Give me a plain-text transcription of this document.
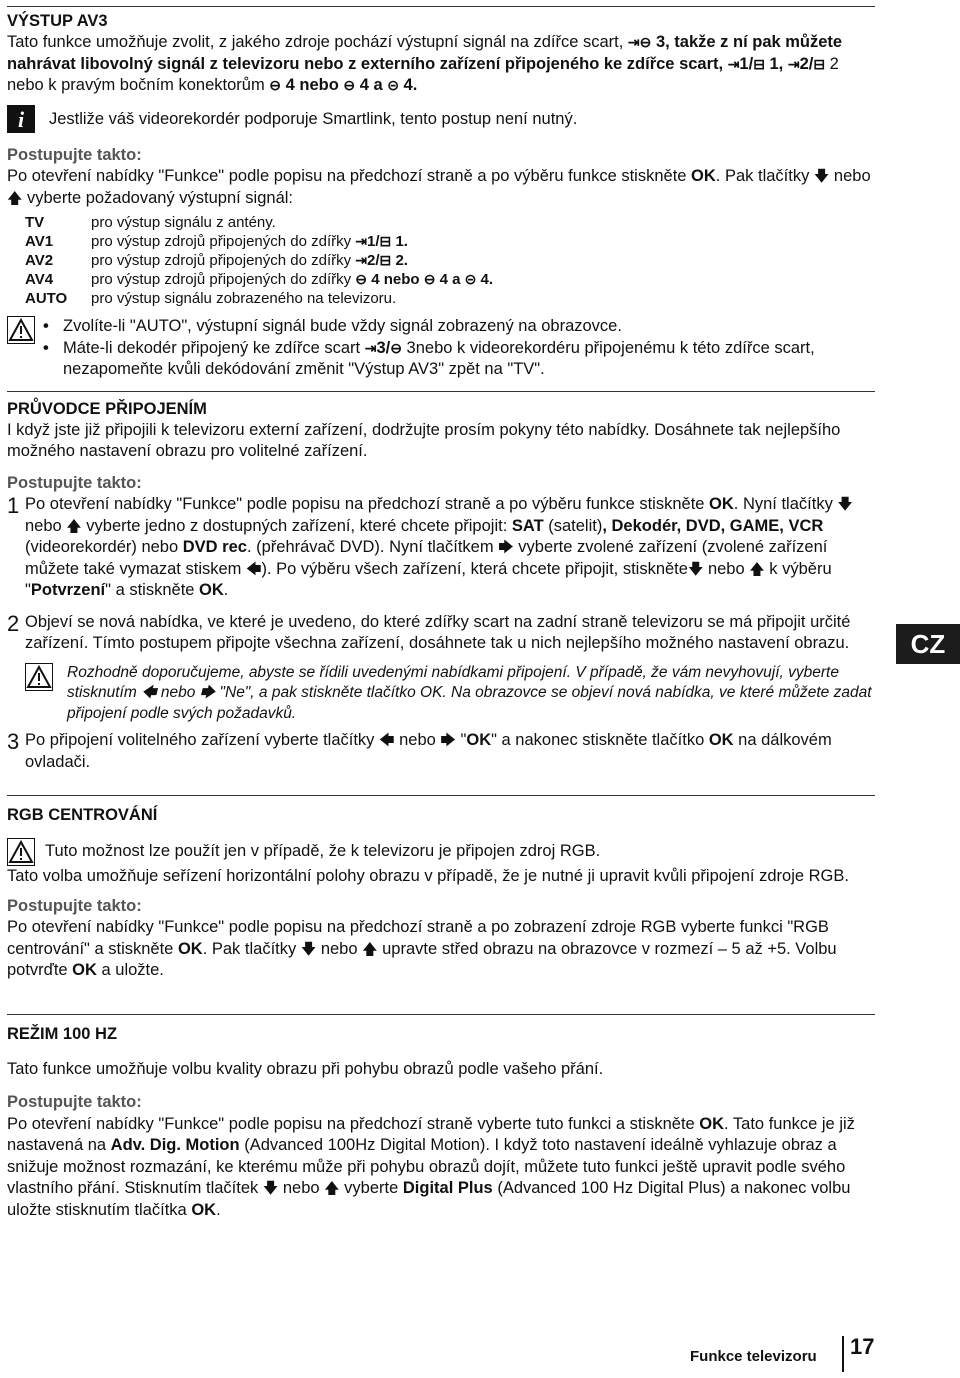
VÝSTUP AV3

Tato funkce umožňuje zvolit, z jakého zdroje pochází výstupní signál na zdířce scart, ⇥⊖ 3, takže z ní pak můžete nahrávat libovolný signál z televizoru nebo z externího zařízení připojeného ke zdířce scart, ⇥1/⊟ 1, ⇥2/⊟ 2 nebo k pravým bočním konektorům ⊖ 4 nebo ⊖ 4 a ⊝ 4.

i Jestliže váš videorekordér podporuje Smartlink, tento postup není nutný.

Postupujte takto:

Po otevření nabídky "Funkce" podle popisu na předchozí straně a po výběru funkce stiskněte OK. Pak tlačítky 🡇 nebo 🡅 vyberte požadovaný výstupní signál:

TV	pro výstup signálu z antény.
AV1	pro výstup zdrojů připojených do zdířky ⇥1/⊟ 1.
AV2	pro výstup zdrojů připojených do zdířky ⇥2/⊟ 2.
AV4	pro výstup zdrojů připojených do zdířky ⊖ 4 nebo ⊖ 4 a ⊝ 4.
AUTO	pro výstup signálu zobrazeného na televizoru.
• Zvolíte-li "AUTO", výstupní signál bude vždy signál zobrazený na obrazovce.
• Máte-li dekodér připojený ke zdířce scart ⇥3/⊖ 3nebo k videorekordéru připojenému k této zdířce scart, nezapomeňte kvůli dekódování změnit "Výstup AV3" zpět na "TV".
PRŮVODCE PŘIPOJENÍM

I když jste již připojili k televizoru externí zařízení, dodržujte prosím pokyny této nabídky. Dosáhnete tak nejlepšího možného nastavení obrazu pro volitelné zařízení.

Postupujte takto:

1 Po otevření nabídky "Funkce" podle popisu na předchozí straně a po výběru funkce stiskněte OK. Nyní tlačítky 🡇 nebo 🡅 vyberte jedno z dostupných zařízení, které chcete připojit: SAT (satelit), Dekodér, DVD, GAME, VCR (videorekordér) nebo DVD rec. (přehrávač DVD). Nyní tlačítkem 🡆 vyberte zvolené zařízení (zvolené zařízení můžete také vymazat stiskem 🡄). Po výběru všech zařízení, která chcete připojit, stiskněte🡇 nebo 🡅 k výběru "Potvrzení" a stiskněte OK.

2 Objeví se nová nabídka, ve které je uvedeno, do které zdířky scart na zadní straně televizoru se má připojit určité zařízení. Tímto postupem připojte všechna zařízení, dosáhnete tak u nich nejlepšího možného nastavení obrazu.

Rozhodně doporučujeme, abyste se řídili uvedenými nabídkami připojení. V případě, že vám nevyhovují, vyberte stisknutím 🡄 nebo 🡆 "Ne", a pak stiskněte tlačítko OK. Na obrazovce se objeví nová nabídka, ve které můžete zadat připojení podle svých požadavků.

3 Po připojení volitelného zařízení vyberte tlačítky 🡄 nebo 🡆 "OK" a nakonec stiskněte tlačítko OK na dálkovém ovladači.

RGB CENTROVÁNÍ

Tuto možnost lze použít jen v případě, že k televizoru je připojen zdroj RGB.

Tato volba umožňuje seřízení horizontální polohy obrazu v případě, že je nutné ji upravit kvůli připojení zdroje RGB.

Postupujte takto:

Po otevření nabídky "Funkce" podle popisu na předchozí straně a po zobrazení zdroje RGB vyberte funkci "RGB centrování" a stiskněte OK. Pak tlačítky 🡇 nebo 🡅 upravte střed obrazu na obrazovce v rozmezí – 5 až +5. Volbu potvrďte OK a uložte.

REŽIM 100 HZ

Tato funkce umožňuje volbu kvality obrazu při pohybu obrazů podle vašeho přání.

Postupujte takto:

Po otevření nabídky "Funkce" podle popisu na předchozí straně vyberte tuto funkci a stiskněte OK. Tato funkce je již nastavená na Adv. Dig. Motion (Advanced 100Hz Digital Motion). I když toto nastavení ideálně vyhlazuje obraz a snižuje možnost rozmazání, ke kterému může při pohybu obrazů dojít, můžete tuto funkci ještě upravit podle svého vlastního přání. Stisknutím tlačítek 🡇 nebo 🡅 vyberte Digital Plus (Advanced 100 Hz Digital Plus) a nakonec volbu uložte stisknutím tlačítka OK.

CZ
Funkce televizoru 17
